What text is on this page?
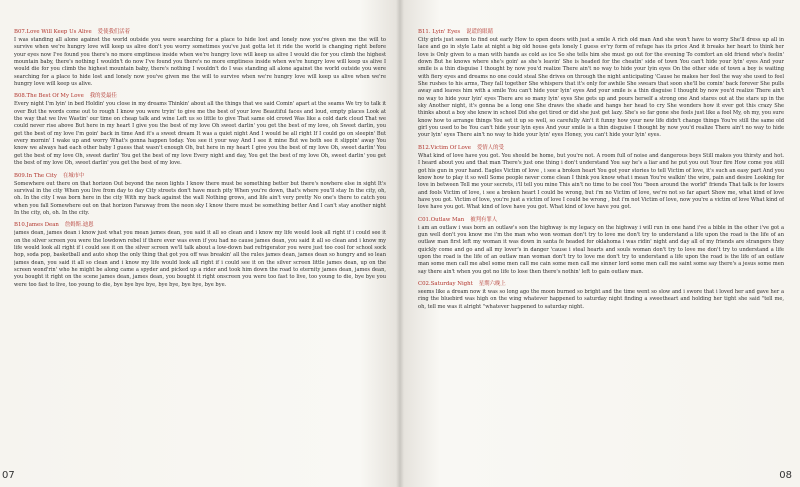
B07.Love Will Keep Us Alive 爱使我们活着
I was standing all alone against the world outside you were searching for a place to hide lost and lonely now you've given me the will to survive when we're hungry love will keep us alive don't you worry sometimes you've just gotta let it ride the world is changing right before your eyes now I've found you there's no more emptiness inside when we're hungry love will keep us alive I would die for you climb the highest mountain baby, there's nothing I wouldn't do now I've found you there's no more emptiness inside when we're hungry love will keep us alive I would die for you climb the highest mountain baby, there's nothing I wouldn't do I was standing all alone against the world outside you were searching for a place to hide lost and lonely now you've given me the will to survive when we're hungry love will keep us alive when we're hungry love will keep us alive.
B08.The Best Of My Love 我的爱最佳
Every night I'm lyin' in bed Holdin' you close in my dreams Thinkin' about all the things that we said Comin' apart at the seams We try to talk it over But the words come out to rough I know you were tryin' to give me the best of your love Beautiful faces and loud, empty places Look at the way that we live Wastin' our time on cheap talk and wine Left us so little to give That same old crowd Was like a cold dark cloud That we could never rise above But here in my heart I give you the best of my love Oh sweet darlin' you get the best of my love, oh Sweet darlin, you get the best of my love I'm goin' back in time And it's a sweet dream It was a quiet night And I would be all right If I could go on sleepin' But every mornin' I wake up and worry What's gonna happen today. You see it your way And I see it mine But we both see it slippin' away You know we always had each other baby I guess that wasn't enough Oh, but here in my heart I give you the best of my love Oh, sweet darlin' You get the best of my love Oh, sweet darlin' You get the best of my love Every night and day, You get the best of my love Oh, sweet darlin' you get the best of my love Oh, sweet darlin' you get the best of my love.
B09.In The City 在城市中
Somewhere out there on that horizon Out beyond the neon lights I know there must be something better but there's nowhere else in sight It's survival in the city When you live from day to day City streets don't have much pity When you're down, that's where you'll stay In the city, oh, oh. In the city I was born here in the city With my back against the wall Nothing grows, and life ain't very pretty No one's there to catch you when you fall Somewhere out on that horizon Faraway from the neon sky I know there must be something better And I can't stay another night In the city, oh, oh. In the city.
B10.James Dean 詹姆斯.迪恩
james dean, james dean i know just what you mean james dean, you said it all so clean and i know my life would look all right if i could see it on the silver screen you were the lowdown rebel if there ever was even if you had no cause james dean, you said it all so clean and i know my life would look all right if i could see it on the silver screen we'll talk about a low-down bad refrigerator you were just too cool for school sock hop, soda pop, basketball and auto shop the only thing that got you off was breakin' all the rules james dean, james dean so hungry and so lean james dean, you said it all so clean and i know my life would look all right if i could see it on the silver screen little james dean, up on the screen wond'rin' who he might be along came a spyder and picked up a rider and took him down the road to eternity james dean, james dean, you bought it right on the scene james dean, james dean, you bought it right onscreen you were too fast to live, too young to die, bye bye you were too fast to live, too young to die, bye bye bye bye, bye bye, bye bye, bye bye.
07
B11. Lyin' Eyes 说谎的眼睛
City girls just seem to find out early How to open doors with just a smile A rich old man And she won't have to worry She'll dress up all in lace and go in style Late at night a big old house gets lonely I guess ev'ry form of refuge has its price And it breaks her heart to think her love is Only given to a man with hands as cold as ice So she tells him she must go out for the evening To comfort an old friend who's feelin' down But he knows where she's goin' as she's leavin' She is headed for the cheatin' side of town You can't hide your lyin' eyes And your smile is a thin disguise I thought by now you'd realize There ain't no way to hide your lyin eyes On the other side of town a boy is waiting with fiery eyes and dreams no one could steal She drives on through the night anticipating 'Cause he makes her feel the way she used to feel She rushes to his arms, They fall together She whispers that it's only for awhile She swears that soon she'll be comin' back forever She pulls away and leaves him with a smile You can't hide your lyin' eyes And your smile is a thin disguise I thought by now you'd realize There ain't no way to hide your lyin' eyes There are so many lyin' eyes She gets up and pours herself a strong one And stares out at the stars up in the sky Another night, it's gonna be a long one She draws the shade and hangs her head to cry She wonders how it ever got this crazy She thinks about a boy she knew in school Did she get tired or did she just get lazy. She's so far gone she feels just like a fool My, oh my, you sure know how to arrange things You set it up so well, so carefully Ain't it funny how your new life didn't change things You're still the same old girl you used to be You can't hide your lyin eyes And your smile is a thin disguise I thought by now you'd realize There ain't no way to hide your lyin' eyes There ain't no way to hide your lyin' eyes Honey, you can't hide your lyin' eyes.
B12.Victim Of Love 爱情人的受
What kind of love have you got. You should be home, but you're not. A room full of noise and dangerous boys Still makes you thirsty and hot. I heard about you and that man There's just one thing i don't understand You say he's a liar and he put you out Your fire How come you still got his gun in your hand. Eagles Victim of love , i see a broken heart You got your stories to tell Victim of love, it's such an easy part And you know how to play it so well Some people never come clean I think you know what i mean You're walkin' the wire, pain and desire Looking for love in between Tell me your secrets, i'll tell you mine This ain't no time to be cool You "been around the world" friends That talk is for losers and fools Victim of love, i see a broken heart I could be wrong, but i'm no Victim of love, we're not so far apart Show me, what kind of love have you got. Victim of love, you're just a victim of love I could be wrong , but i'm not Victim of love, now you're a victim of love What kind of love have you got. What kind of love have you got. What kind of love have you got.
C01.Outlaw Man 被判有罪人
i am an outlaw i was born an outlaw's son the highway is my legacy on the highway i will run in one hand i've a bible in the other i've got a gun well don't you know me i'm the man who won woman don't try to love me don't try to understand a life upon the road is the life of an outlaw man first left my woman it was down in santa fe headed for oklahoma i was ridin' night and day all of my friends are strangers they quickly come and go and all my lover's in danger 'cause i steal hearts and souls woman don't try to love me don't try to understand a life upon the road is the life of an outlaw man woman don't try to love me don't try to understand a life upon the road is the life of an outlaw man some men call me abel some men call me cain some men call me sinner lord some men call me saint some say there's a jesus some men say there ain't when you got no life to lose then there's nothin' left to gain outlaw man.
C02.Saturday Night 星期六晚上
seems like a dream now it was so long ago the moon burned so bright and the time went so slow and i swore that i loved her and gave her a ring the bluebird was high on the wing whatever happened to saturday night finding a sweetheart and holding her tight she said "tell me, oh, tell me was it alright "whatever happened to saturday night.
08
